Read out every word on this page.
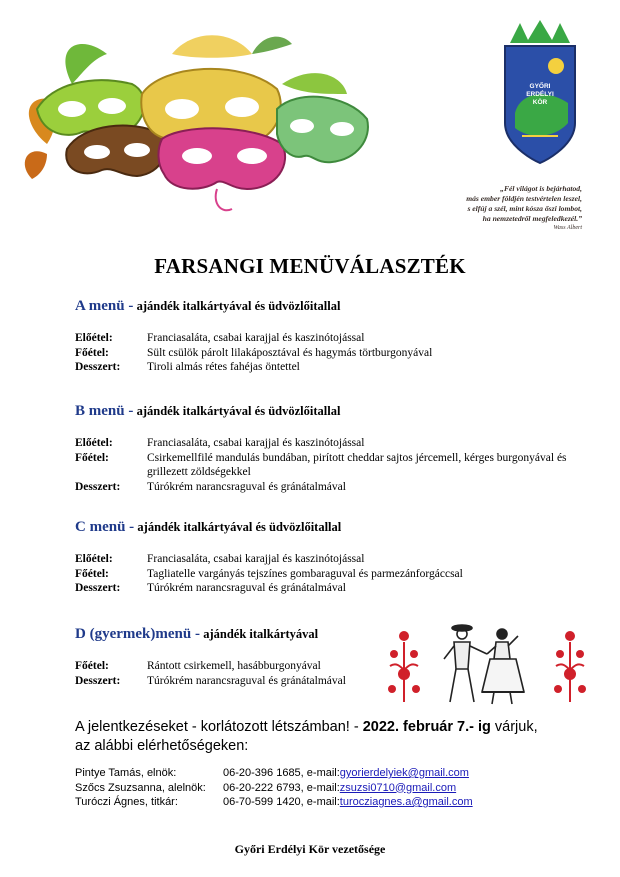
GYŐRI
ERDÉLYI
KÖR
„Fél világot is bejárhatod,
más ember földjén testvértelen leszel,
s elfúj a szél, mint kósza őszi lombot,
ha nemzetedről megfeledkezél.”
Wass Albert
FARSANGI MENÜVÁLASZTÉK
A menü - ajándék italkártyával és üdvözlőitallal
Előétel:	Franciasaláta, csabai karajjal és kaszinótojással
Főétel:	Sült csülök párolt lilakáposztával és hagymás törtburgonyával
Desszert:	Tiroli almás rétes fahéjas öntettel
B menü - ajándék italkártyával és üdvözlőitallal
Előétel:	Franciasaláta, csabai karajjal és kaszinótojással
Főétel:	Csirkemellfilé mandulás bundában, pirított cheddar sajtos jércemell, kérges burgonyával és grillezett zöldségekkel
Desszert:	Túrókrém narancsraguval és gránátalmával
C menü - ajándék italkártyával és üdvözlőitallal
Előétel:	Franciasaláta, csabai karajjal és kaszinótojással
Főétel:	Tagliatelle vargányás tejszínes gombaraguval és parmezánforgáccsal
Desszert:	Túrókrém narancsraguval és gránátalmával
D (gyermek)menü - ajándék italkártyával
Főétel:	Rántott csirkemell, hasábburgonyával
Desszert:	Túrókrém narancsraguval és gránátalmával
A jelentkezéseket - korlátozott létszámban! - 2022. február 7.- ig várjuk, az alábbi elérhetőségeken:
Pintye Tamás, elnök:	06-20-396 1685, e-mail: gyorierdelyiek@gmail.com
Szőcs Zsuzsanna, alelnök:	06-20-222 6793, e-mail: zsuzsi0710@gmail.com
Turóczi Ágnes, titkár:	06-70-599 1420, e-mail: turocziagnes.a@gmail.com
Győri Erdélyi Kör vezetősége
